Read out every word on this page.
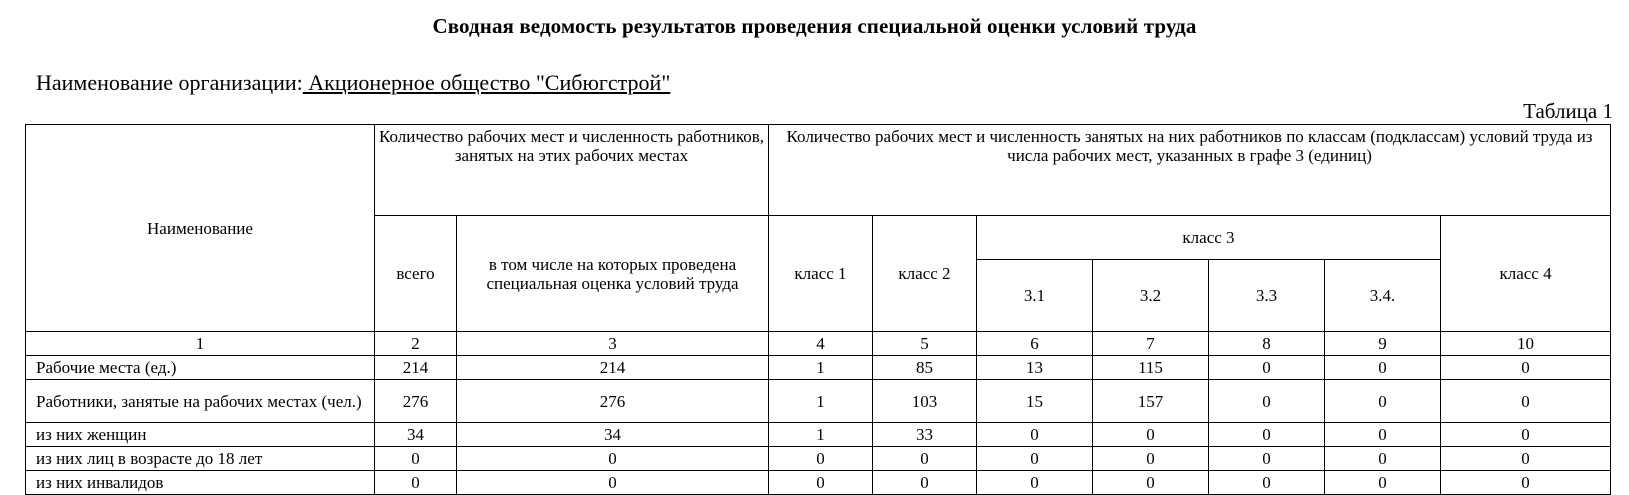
Сводная ведомость результатов проведения специальной оценки условий труда
Наименование организации: Акционерное общество "Сибюгстрой"
Таблица 1
Наименование	Количество рабочих мест и численность работников, занятых на этих рабочих местах		Количество рабочих мест и численность занятых на них работников по классам (подклассам) условий труда из числа рабочих мест, указанных в графе 3 (единиц)						
	всего	в том числе на которых проведена специальная оценка условий труда	класс 1	класс 2	класс 3				класс 4
					3.1	3.2	3.3	3.4.	
1	2	3	4	5	6	7	8	9	10
Рабочие места (ед.)	214	214	1	85	13	115	0	0	0
Работники, занятые на рабочих местах (чел.)	276	276	1	103	15	157	0	0	0
из них женщин	34	34	1	33	0	0	0	0	0
из них лиц в возрасте до 18 лет	0	0	0	0	0	0	0	0	0
из них инвалидов	0	0	0	0	0	0	0	0	0
